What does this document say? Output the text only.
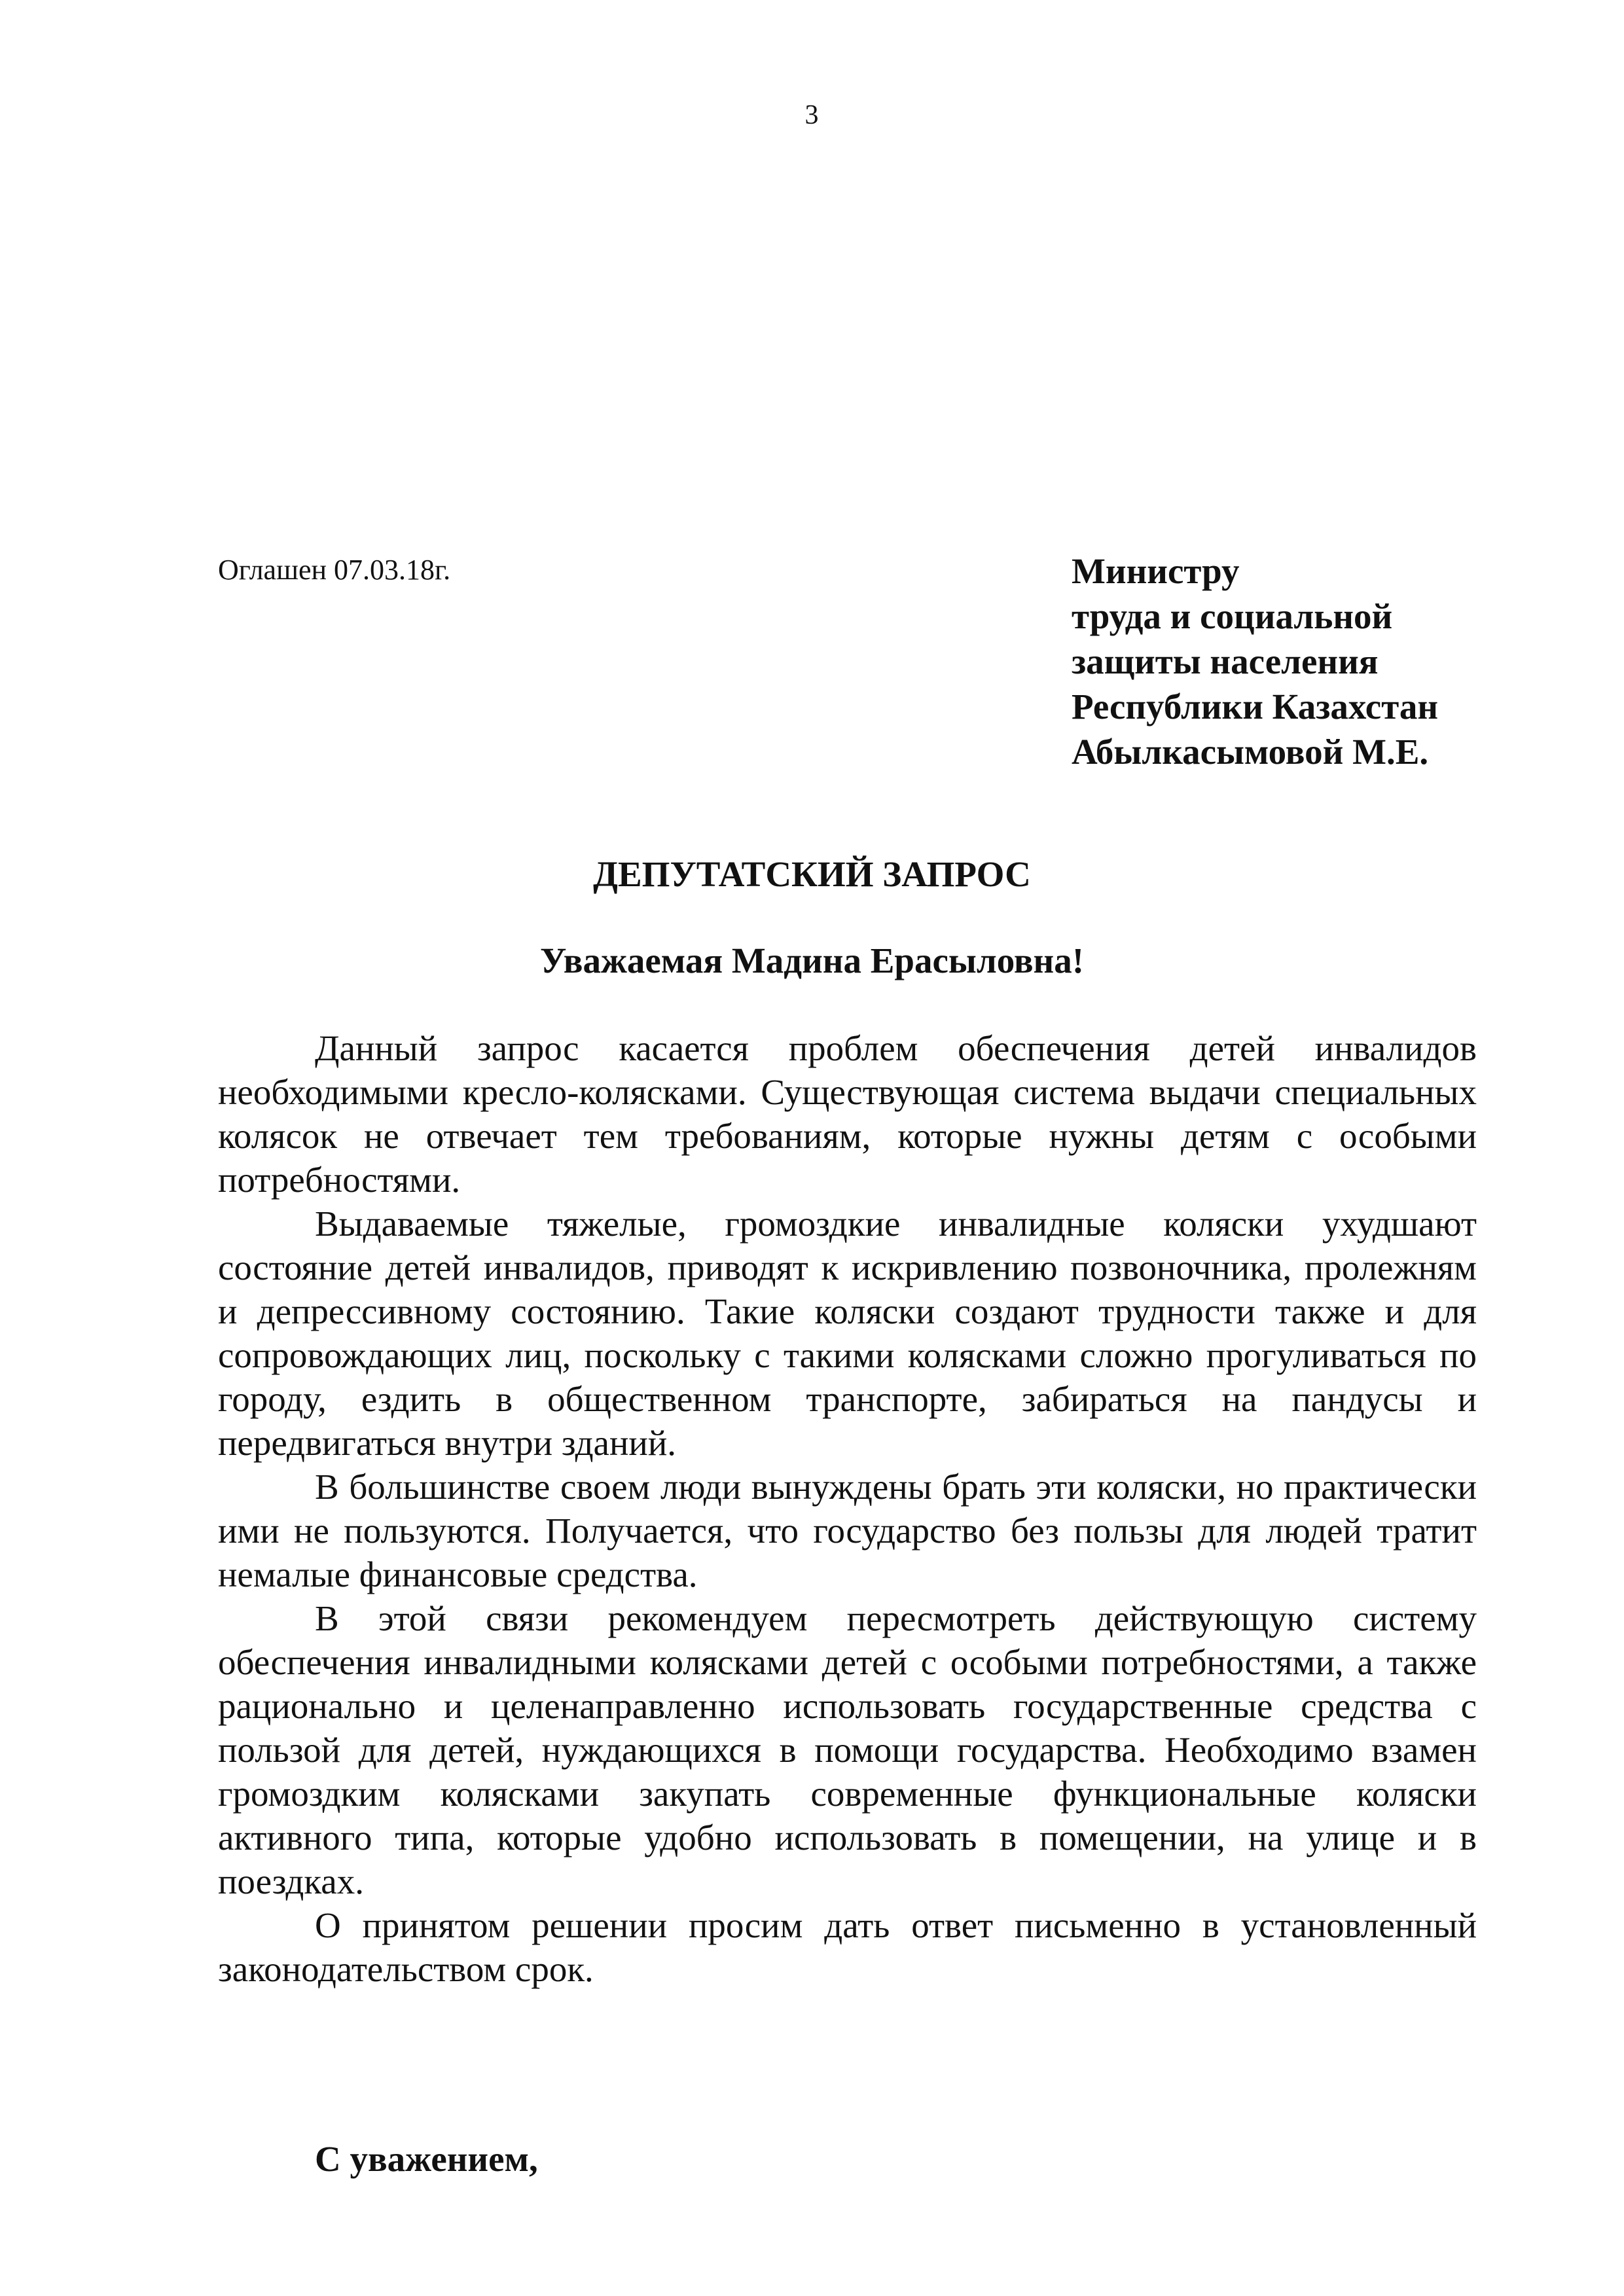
3
Оглашен 07.03.18г.	Министру
труда и социальной
защиты населения
Республики Казахстан
Абылкасымовой М.Е.
ДЕПУТАТСКИЙ ЗАПРОС
Уважаемая Мадина Ерасыловна!

Данный запрос касается проблем обеспечения детей инвалидов необходимыми кресло-колясками. Существующая система выдачи специальных колясок не отвечает тем требованиям, которые нужны детям с особыми потребностями.

Выдаваемые тяжелые, громоздкие инвалидные коляски ухудшают состояние детей инвалидов, приводят к искривлению позвоночника, пролежням и депрессивному состоянию. Такие коляски создают трудности также и для сопровождающих лиц, поскольку с такими колясками сложно прогуливаться по городу, ездить в общественном транспорте, забираться на пандусы и передвигаться внутри зданий.

В большинстве своем люди вынуждены брать эти коляски, но практически ими не пользуются. Получается, что государство без пользы для людей тратит немалые финансовые средства.

В этой связи рекомендуем пересмотреть действующую систему обеспечения инвалидными колясками детей с особыми потребностями, а также рационально и целенаправленно использовать государственные средства с пользой для детей, нуждающихся в помощи государства. Необходимо взамен громоздким колясками закупать современные функциональные коляски активного типа, которые удобно использовать в помещении, на улице и в поездках.

О принятом решении просим дать ответ письменно в установленный законодательством срок.

С уважением,
